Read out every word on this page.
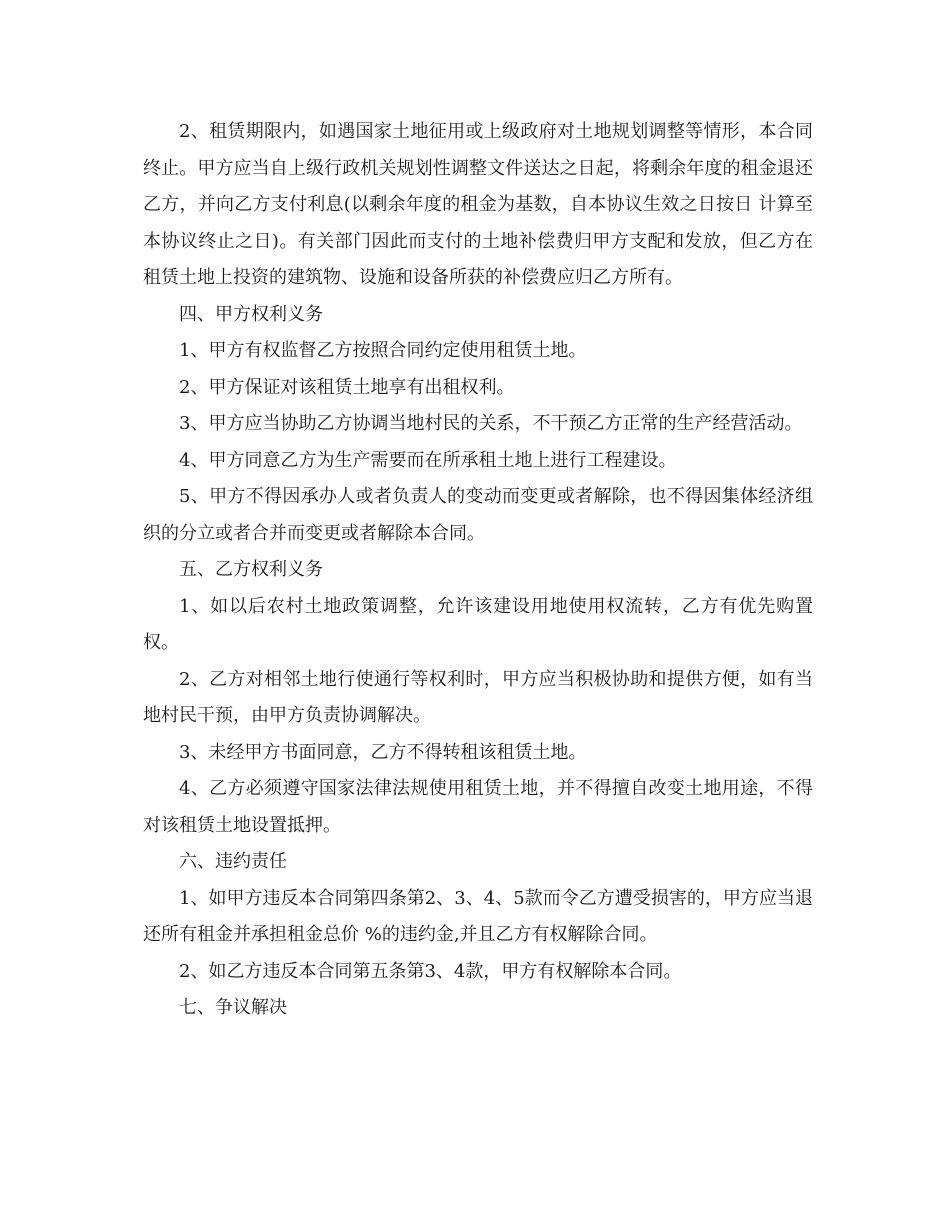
2、租赁期限内，如遇国家土地征用或上级政府对土地规划调整等情形，本合同终止。甲方应当自上级行政机关规划性调整文件送达之日起，将剩余年度的租金退还乙方，并向乙方支付利息(以剩余年度的租金为基数，自本协议生效之日按日 计算至本协议终止之日)。有关部门因此而支付的土地补偿费归甲方支配和发放，但乙方在租赁土地上投资的建筑物、设施和设备所获的补偿费应归乙方所有。

四、甲方权利义务

1、甲方有权监督乙方按照合同约定使用租赁土地。

2、甲方保证对该租赁土地享有出租权利。

3、甲方应当协助乙方协调当地村民的关系，不干预乙方正常的生产经营活动。

4、甲方同意乙方为生产需要而在所承租土地上进行工程建设。

5、甲方不得因承办人或者负责人的变动而变更或者解除，也不得因集体经济组织的分立或者合并而变更或者解除本合同。

五、乙方权利义务

1、如以后农村土地政策调整，允许该建设用地使用权流转，乙方有优先购置权。

2、乙方对相邻土地行使通行等权利时，甲方应当积极协助和提供方便，如有当地村民干预，由甲方负责协调解决。

3、未经甲方书面同意，乙方不得转租该租赁土地。

4、乙方必须遵守国家法律法规使用租赁土地，并不得擅自改变土地用途，不得对该租赁土地设置抵押。

六、违约责任

1、如甲方违反本合同第四条第2、3、4、5款而令乙方遭受损害的，甲方应当退还所有租金并承担租金总价 %的违约金,并且乙方有权解除合同。

2、如乙方违反本合同第五条第3、4款，甲方有权解除本合同。

七、争议解决
